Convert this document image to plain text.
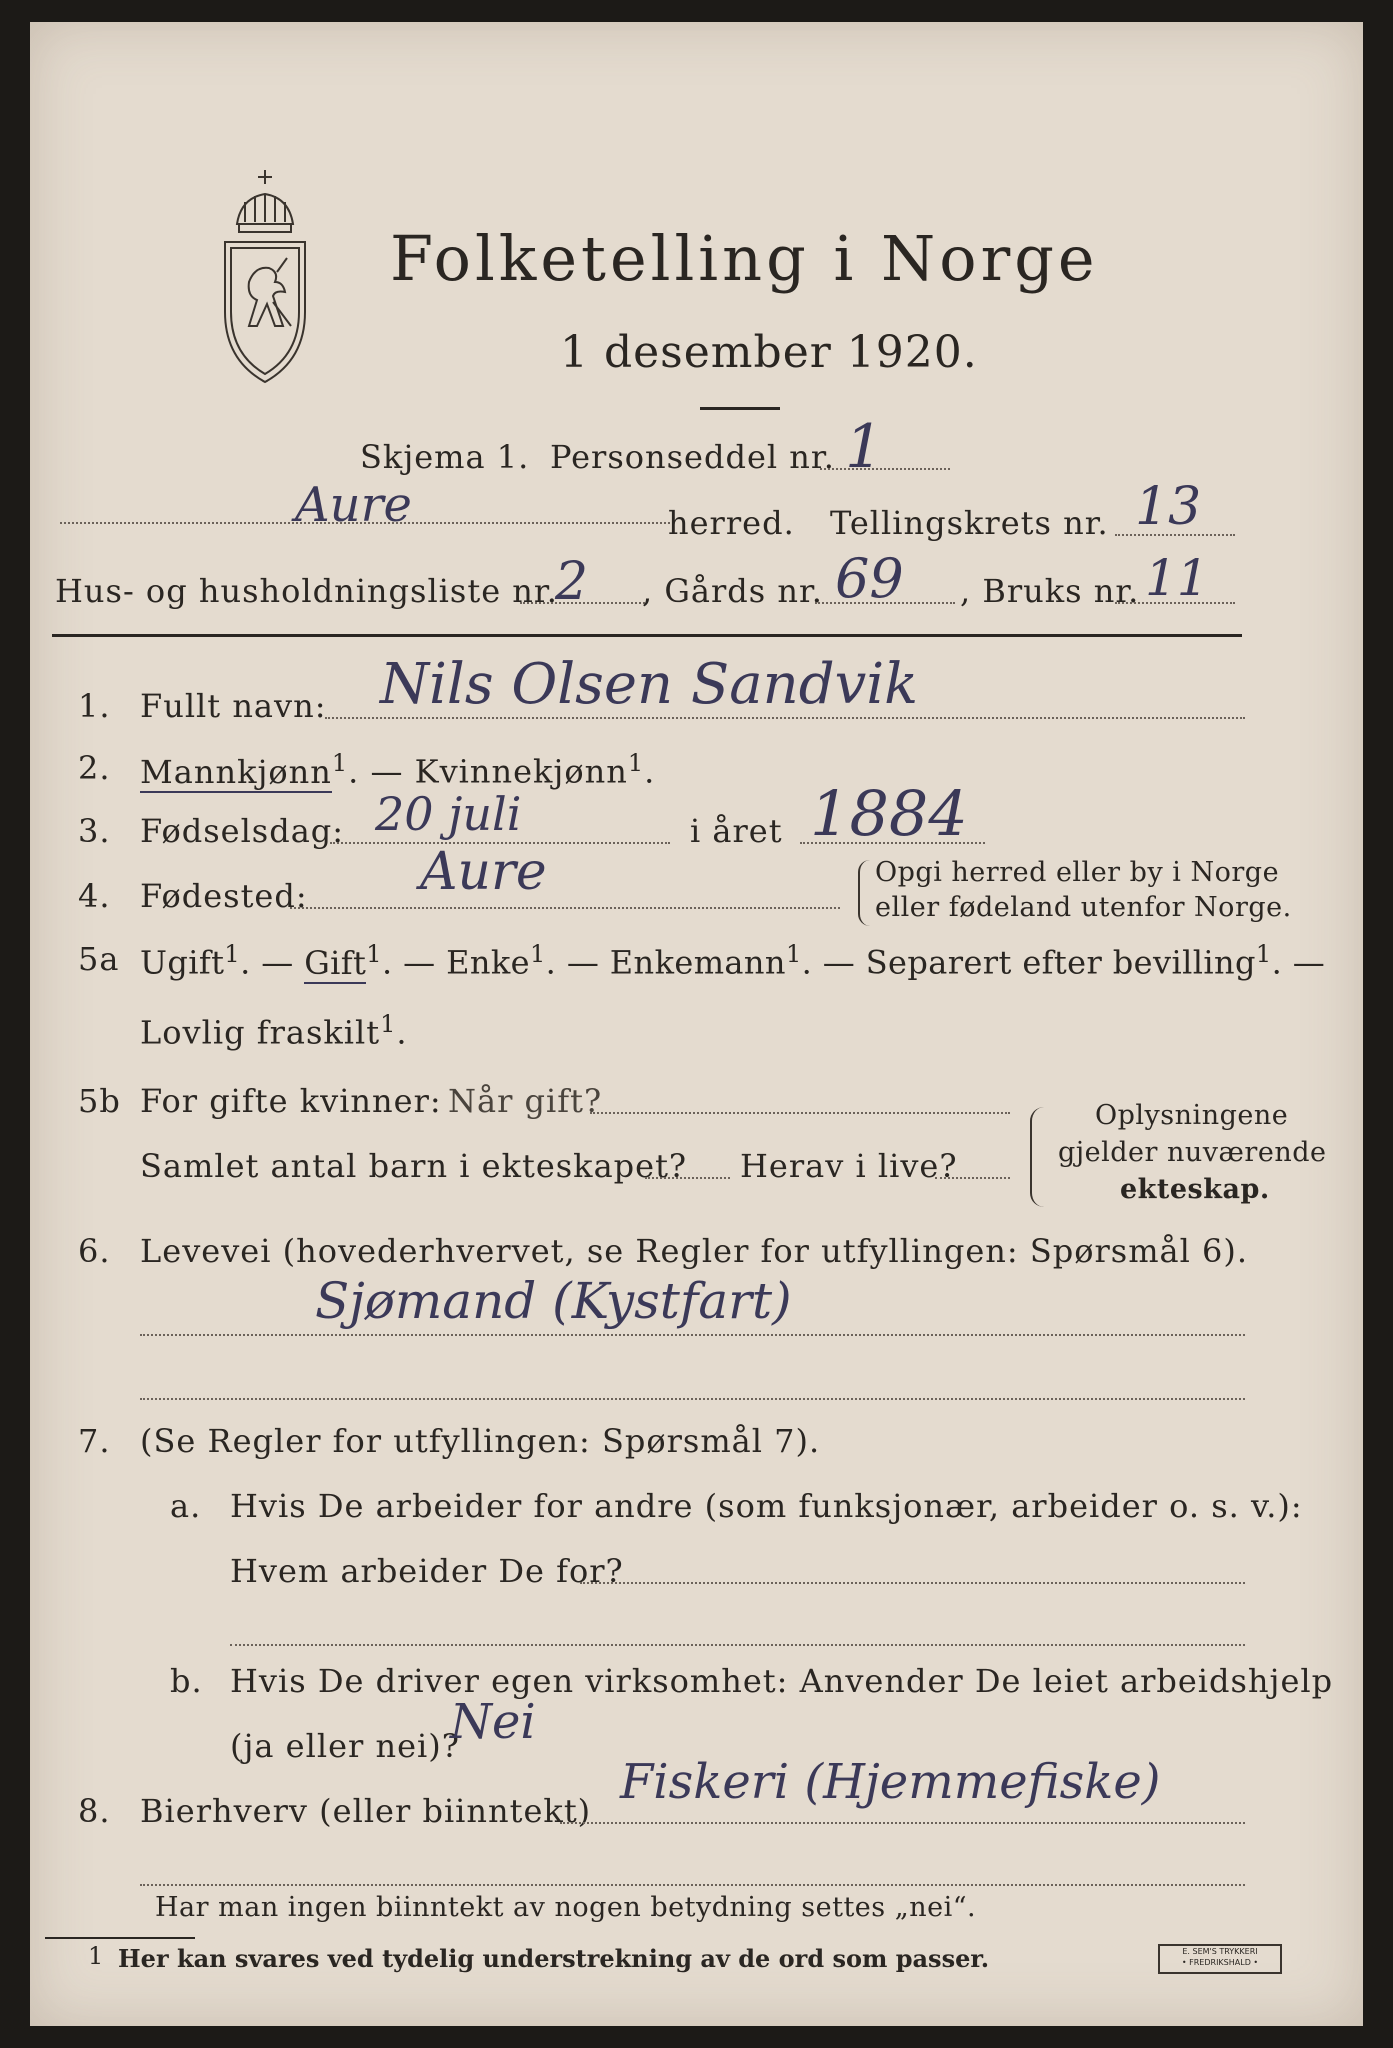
Folketelling i Norge
1 desember 1920.
Skjema 1. Personseddel nr. 1
Aure	herred. Tellingskrets nr. 13
Hus- og husholdningsliste nr.
2 , Gårds nr. 69 , Bruks nr. 11
1. Fullt navn: Nils Olsen Sandvik
2. Mannkjønn$^1$. — Kvinnekjønn$^1$.
3. Fødselsdag: 20 juli	i året 1884
4. Fødested: Aure	Opgi herred eller by i Norge
eller fødeland utenfor Norge.
5a Ugift$^1$. — Gift$^1$. — Enke$^1$. — Enkemann$^1$. — Separert efter bevilling$^1$. —
Lovlig fraskilt$^1$.
5b For gifte kvinner: Når gift?
Samlet antal barn i ekteskapet? Herav i live?
Oplysningene
gjelder nuværende
ekteskap.
6. Levevei (hovederhvervet, se Regler for utfyllingen: Spørsmål 6).
Sjømand (Kystfart)
7. (Se Regler for utfyllingen: Spørsmål 7).
a. Hvis De arbeider for andre (som funksjonær, arbeider o. s. v.):
Hvem arbeider De for?
b. Hvis De driver egen virksomhet: Anvender De leiet arbeidshjelp
(ja eller nei)?
Nei
8. Bierhverv (eller biinntekt)
Fiskeri (Hjemmefiske)
Har man ingen biinntekt av nogen betydning settes „nei“.
1 Her kan svares ved tydelig understrekning av de ord som passer.	E. SEM'S TRYKKERI
• FREDRIKSHALD •
